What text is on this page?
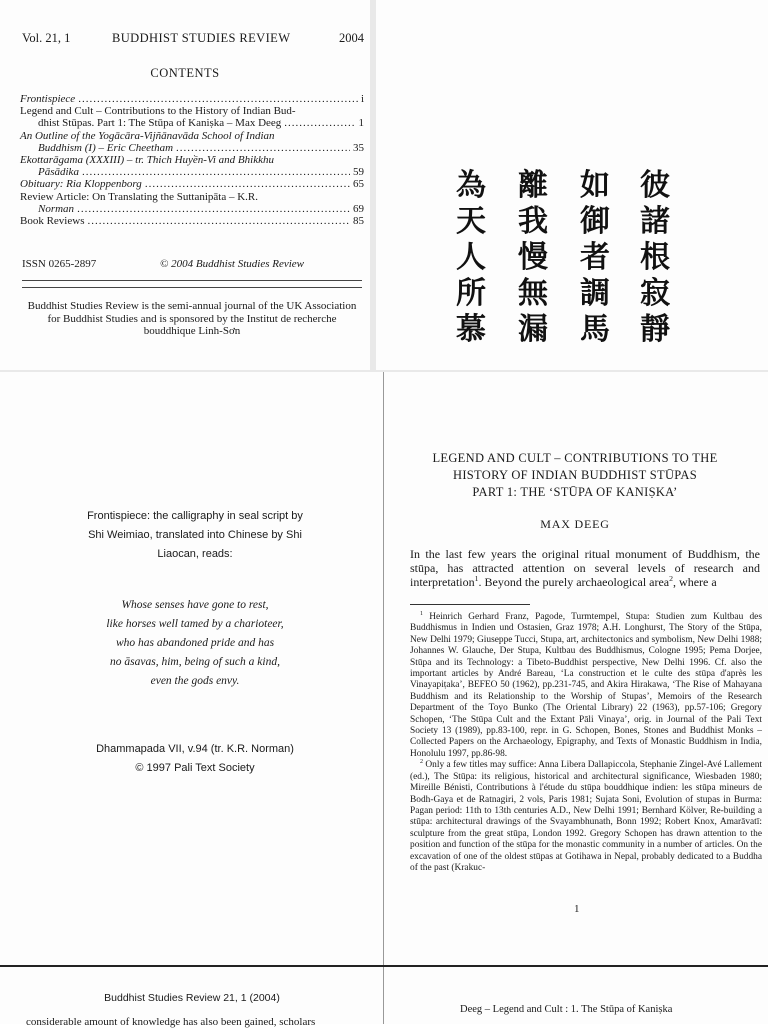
Vol. 21, 1	BUDDHIST STUDIES REVIEW	2004
CONTENTS
Frontispiece .....	i
Legend and Cult – Contributions to the History of Indian Bud-
dhist Stūpas. Part 1: The Stūpa of Kaniṣka – Max Deeg .....	1
An Outline of the Yogācāra-Vijñānavāda School of Indian
Buddhism (I) – Eric Cheetham .....	35
Ekottarāgama (XXXIII) – tr. Thich Huyền-Vi and Bhikkhu
Pāsādika .....	59
Obituary: Ria Kloppenborg .....	65
Review Article: On Translating the Suttanipāta – K.R.
Norman .....	69
Book Reviews .....	85
ISSN 0265-2897	© 2004 Buddhist Studies Review
Buddhist Studies Review is the semi-annual journal of the UK Association for Buddhist Studies and is sponsored by the Institut de recherche bouddhique Linh-Sơn
彼
諸
根
寂
靜
如
御
者
調
馬
離
我
慢
無
漏
為
天
人
所
慕
Frontispiece: the calligraphy in seal script by Shi Weimiao, translated into Chinese by Shi Liaocan, reads:
Whose senses have gone to rest,
like horses well tamed by a charioteer,
who has abandoned pride and has
no āsavas, him, being of such a kind,
even the gods envy.
Dhammapada VII, v.94 (tr. K.R. Norman)
© 1997 Pali Text Society
Buddhist Studies Review 21, 1 (2004)
considerable amount of knowledge has also been gained, scholars
LEGEND AND CULT – CONTRIBUTIONS TO THE
HISTORY OF INDIAN BUDDHIST STŪPAS
PART 1: THE ‘STŪPA OF KANIṢKA’
MAX DEEG
In the last few years the original ritual monument of Buddhism, the stūpa, has attracted attention on several levels of research and interpretation$^1$. Beyond the purely archaeological area$^2$, where a

$^1$ Heinrich Gerhard Franz, Pagode, Turmtempel, Stupa: Studien zum Kultbau des Buddhismus in Indien und Ostasien, Graz 1978; A.H. Longhurst, The Story of the Stūpa, New Delhi 1979; Giuseppe Tucci, Stupa, art, architectonics and symbolism, New Delhi 1988; Johannes W. Glauche, Der Stupa, Kultbau des Buddhismus, Cologne 1995; Pema Dorjee, Stūpa and its Technology: a Tibeto-Buddhist perspective, New Delhi 1996. Cf. also the important articles by André Bareau, ‘La construction et le culte des stūpa d'après les Vinayapiṭaka’, BEFEO 50 (1962), pp.231-745, and Akira Hirakawa, ‘The Rise of Mahayana Buddhism and its Relationship to the Worship of Stupas’, Memoirs of the Research Department of the Toyo Bunko (The Oriental Library) 22 (1963), pp.57-106; Gregory Schopen, ‘The Stūpa Cult and the Extant Pāli Vinaya’, orig. in Journal of the Pali Text Society 13 (1989), pp.83-100, repr. in G. Schopen, Bones, Stones and Buddhist Monks – Collected Papers on the Archaeology, Epigraphy, and Texts of Monastic Buddhism in India, Honolulu 1997, pp.86-98.

$^2$ Only a few titles may suffice: Anna Libera Dallapiccola, Stephanie Zingel-Avé Lallement (ed.), The Stūpa: its religious, historical and architectural significance, Wiesbaden 1980; Mireille Bénisti, Contributions à l'étude du stūpa bouddhique indien: les stūpa mineurs de Bodh-Gaya et de Ratnagiri, 2 vols, Paris 1981; Sujata Soni, Evolution of stupas in Burma: Pagan period: 11th to 13th centuries A.D., New Delhi 1991; Bernhard Kölver, Re-building a stūpa: architectural drawings of the Svayambhunath, Bonn 1992; Robert Knox, Amarāvatī: sculpture from the great stūpa, London 1992. Gregory Schopen has drawn attention to the position and function of the stūpa for the monastic community in a number of articles. On the excavation of one of the oldest stūpas at Gotihawa in Nepal, probably dedicated to a Buddha of the past (Krakuc-

1
Deeg – Legend and Cult : 1. The Stūpa of Kaniṣka
